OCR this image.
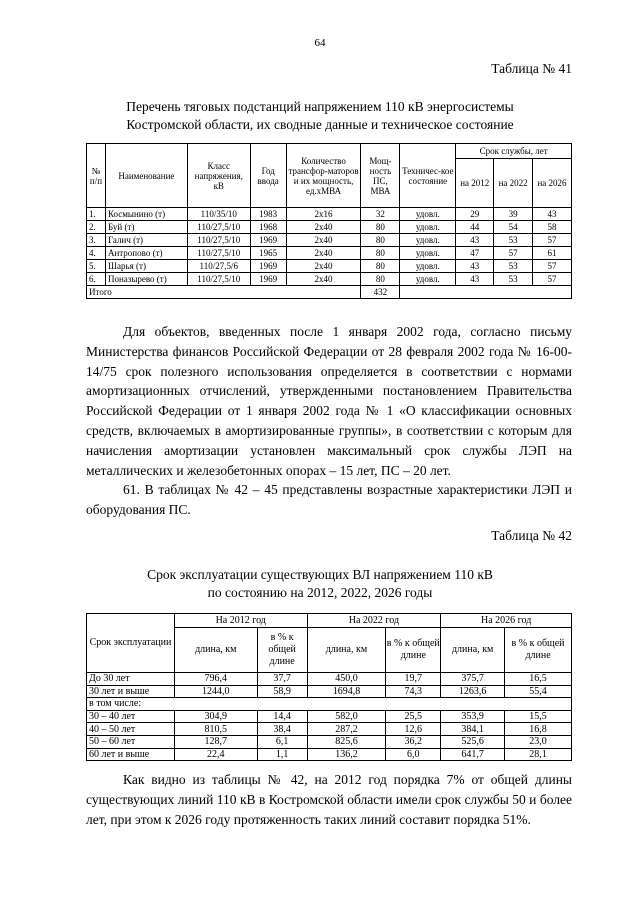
64
Таблица № 41
Перечень тяговых подстанций напряжением 110 кВ энергосистемы
Костромской области, их сводные данные и техническое состояние
№ п/п	Наименование	Класс напряжения, кВ	Год ввода	Количество трансфор-маторов и их мощность, ед.хМВА	Мощ-ность ПС, МВА	Техничес-кое состояние	Срок службы, лет		
							на 2012	на 2022	на 2026
1.	Космынино (т)	110/35/10	1983	2х16	32	удовл.	29	39	43
2.	Буй (т)	110/27,5/10	1968	2х40	80	удовл.	44	54	58
3.	Галич (т)	110/27,5/10	1969	2х40	80	удовл.	43	53	57
4.	Антропово (т)	110/27,5/10	1965	2х40	80	удовл.	47	57	61
5.	Шарья (т)	110/27,5/6	1969	2х40	80	удовл.	43	53	57
6.	Поназырево (т)	110/27,5/10	1969	2х40	80	удовл.	43	53	57
Итого					432				

Для объектов, введенных после 1 января 2002 года, согласно письму Министерства финансов Российской Федерации от 28 февраля 2002 года № 16-00-14/75 срок полезного использования определяется в соответствии с нормами амортизационных отчислений, утвержденными постановлением Правительства Российской Федерации от 1 января 2002 года № 1 «О классификации основных средств, включаемых в амортизированные группы», в соответствии с которым для начисления амортизации установлен максимальный срок службы ЛЭП на металлических и железобетонных опорах – 15 лет, ПС – 20 лет.

61. В таблицах № 42 – 45 представлены возрастные характеристики ЛЭП и оборудования ПС.

Таблица № 42
Срок эксплуатации существующих ВЛ напряжением 110 кВ
по состоянию на 2012, 2022, 2026 годы
Срок эксплуатации	На 2012 год		На 2022 год		На 2026 год	
	длина, км	в % к общей длине	длина, км	в % к общей длине	длина, км	в % к общей длине
До 30 лет	796,4	37,7	450,0	19,7	375,7	16,5
30 лет и выше	1244,0	58,9	1694,8	74,3	1263,6	55,4
в том числе:						
30 – 40 лет	304,9	14,4	582,0	25,5	353,9	15,5
40 – 50 лет	810,5	38,4	287,2	12,6	384,1	16,8
50 – 60 лет	128,7	6,1	825,6	36,2	525,6	23,0
60 лет и выше	22,4	1,1	136,2	6,0	641,7	28,1

Как видно из таблицы № 42, на 2012 год порядка 7% от общей длины существующих линий 110 кВ в Костромской области имели срок службы 50 и более лет, при этом к 2026 году протяженность таких линий составит порядка 51%.
